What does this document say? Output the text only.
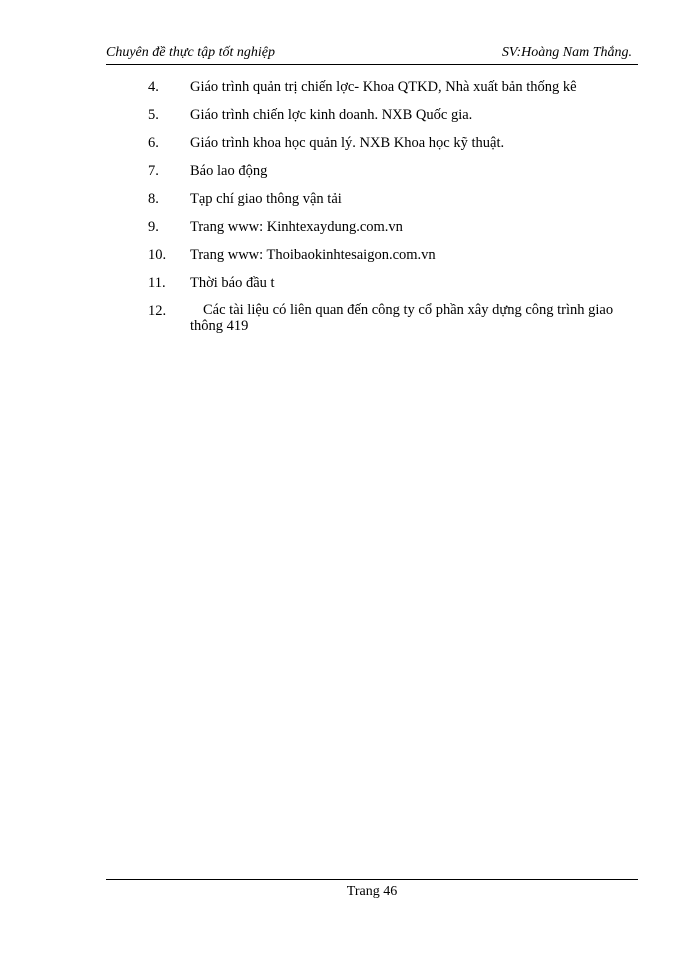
Chuyên đề thực tập tốt nghiệp	SV:Hoàng Nam Thắng.
4. Giáo trình quản trị chiến lợc- Khoa QTKD, Nhà xuất bản thống kê
5. Giáo trình chiến lợc kinh doanh. NXB Quốc gia.
6. Giáo trình khoa học quản lý. NXB Khoa học kỹ thuật.
7. Báo lao động
8. Tạp chí giao thông vận tải
9. Trang www: Kinhtexaydung.com.vn
10. Trang www: Thoibaokinhtesaigon.com.vn
11. Thời báo đầu t
12.	Các tài liệu có liên quan đến công ty cổ phần xây dựng công trình giao thông 419
Trang 46
